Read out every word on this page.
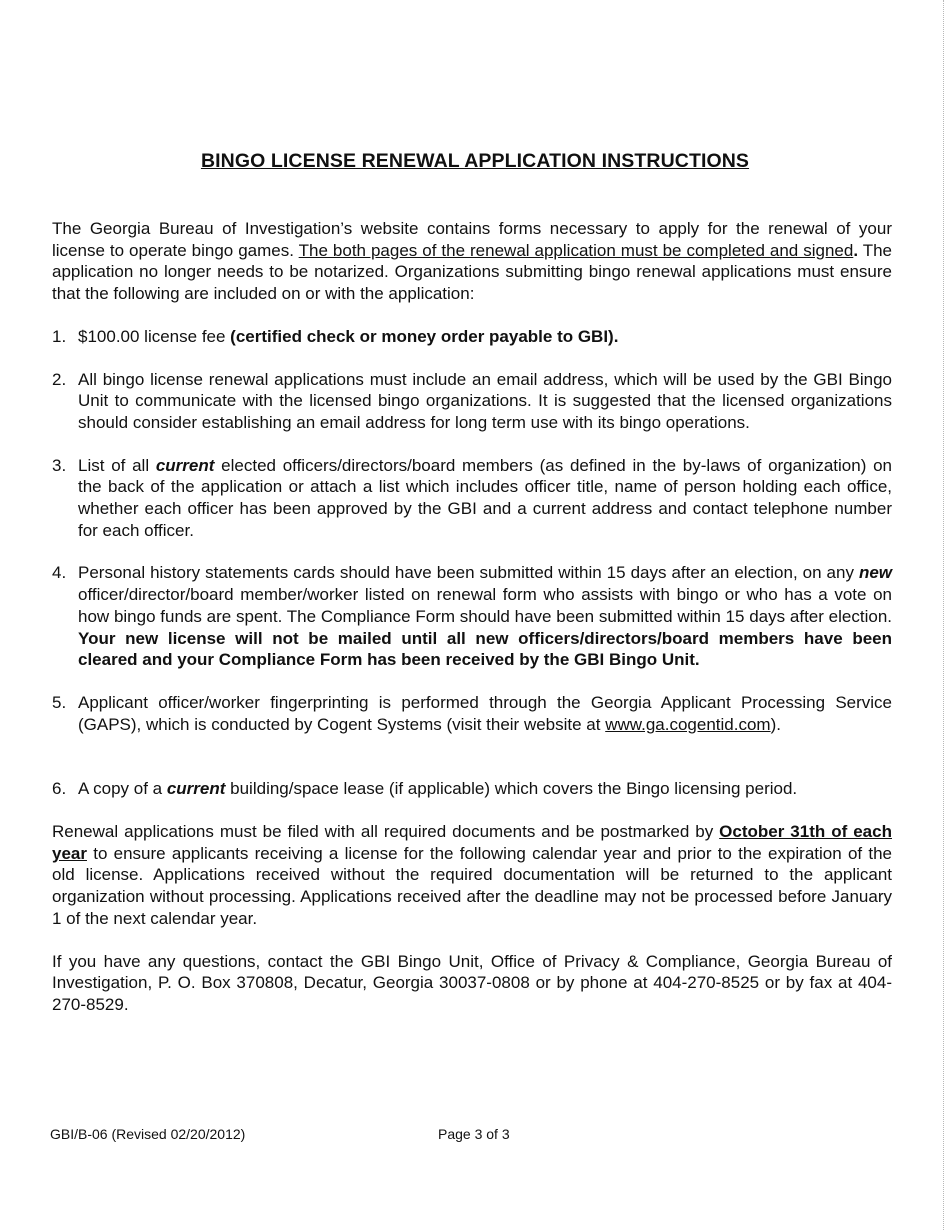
BINGO LICENSE RENEWAL APPLICATION INSTRUCTIONS

The Georgia Bureau of Investigation’s website contains forms necessary to apply for the renewal of your license to operate bingo games. The both pages of the renewal application must be completed and signed. The application no longer needs to be notarized. Organizations submitting bingo renewal applications must ensure that the following are included on or with the application:

1. $100.00 license fee (certified check or money order payable to GBI).
2. All bingo license renewal applications must include an email address, which will be used by the GBI Bingo Unit to communicate with the licensed bingo organizations. It is suggested that the licensed organizations should consider establishing an email address for long term use with its bingo operations.
3. List of all current elected officers/directors/board members (as defined in the by-laws of organization) on the back of the application or attach a list which includes officer title, name of person holding each office, whether each officer has been approved by the GBI and a current address and contact telephone number for each officer.
4. Personal history statements cards should have been submitted within 15 days after an election, on any new officer/director/board member/worker listed on renewal form who assists with bingo or who has a vote on how bingo funds are spent. The Compliance Form should have been submitted within 15 days after election. Your new license will not be mailed until all new officers/directors/board members have been cleared and your Compliance Form has been received by the GBI Bingo Unit.
5. Applicant officer/worker fingerprinting is performed through the Georgia Applicant Processing Service (GAPS), which is conducted by Cogent Systems (visit their website at www.ga.cogentid.com).
6. A copy of a current building/space lease (if applicable) which covers the Bingo licensing period.

Renewal applications must be filed with all required documents and be postmarked by October 31th of each year to ensure applicants receiving a license for the following calendar year and prior to the expiration of the old license. Applications received without the required documentation will be returned to the applicant organization without processing. Applications received after the deadline may not be processed before January 1 of the next calendar year.

If you have any questions, contact the GBI Bingo Unit, Office of Privacy & Compliance, Georgia Bureau of Investigation, P. O. Box 370808, Decatur, Georgia 30037-0808 or by phone at 404-270-8525 or by fax at 404-270-8529.

GBI/B-06 (Revised 02/20/2012)	Page 3 of 3
